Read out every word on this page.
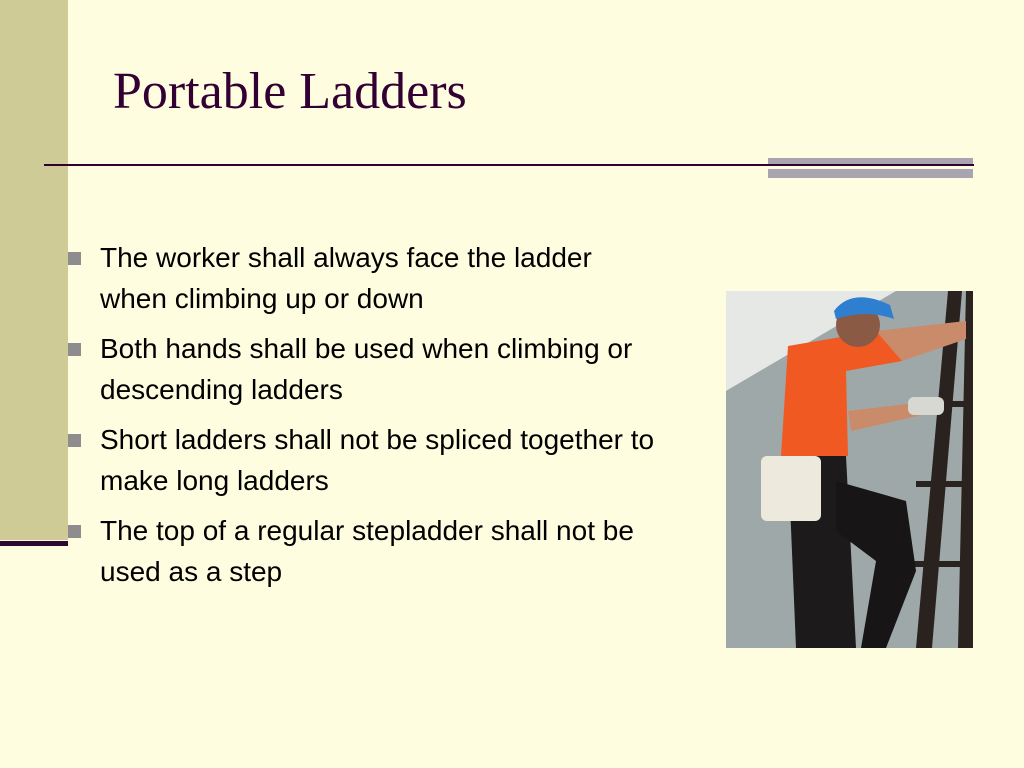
Portable Ladders
The worker shall always face the ladder when climbing up or down
Both hands shall be used when climbing or descending ladders
Short ladders shall not be spliced together to make long ladders
The top of a regular stepladder shall not be used as a step
